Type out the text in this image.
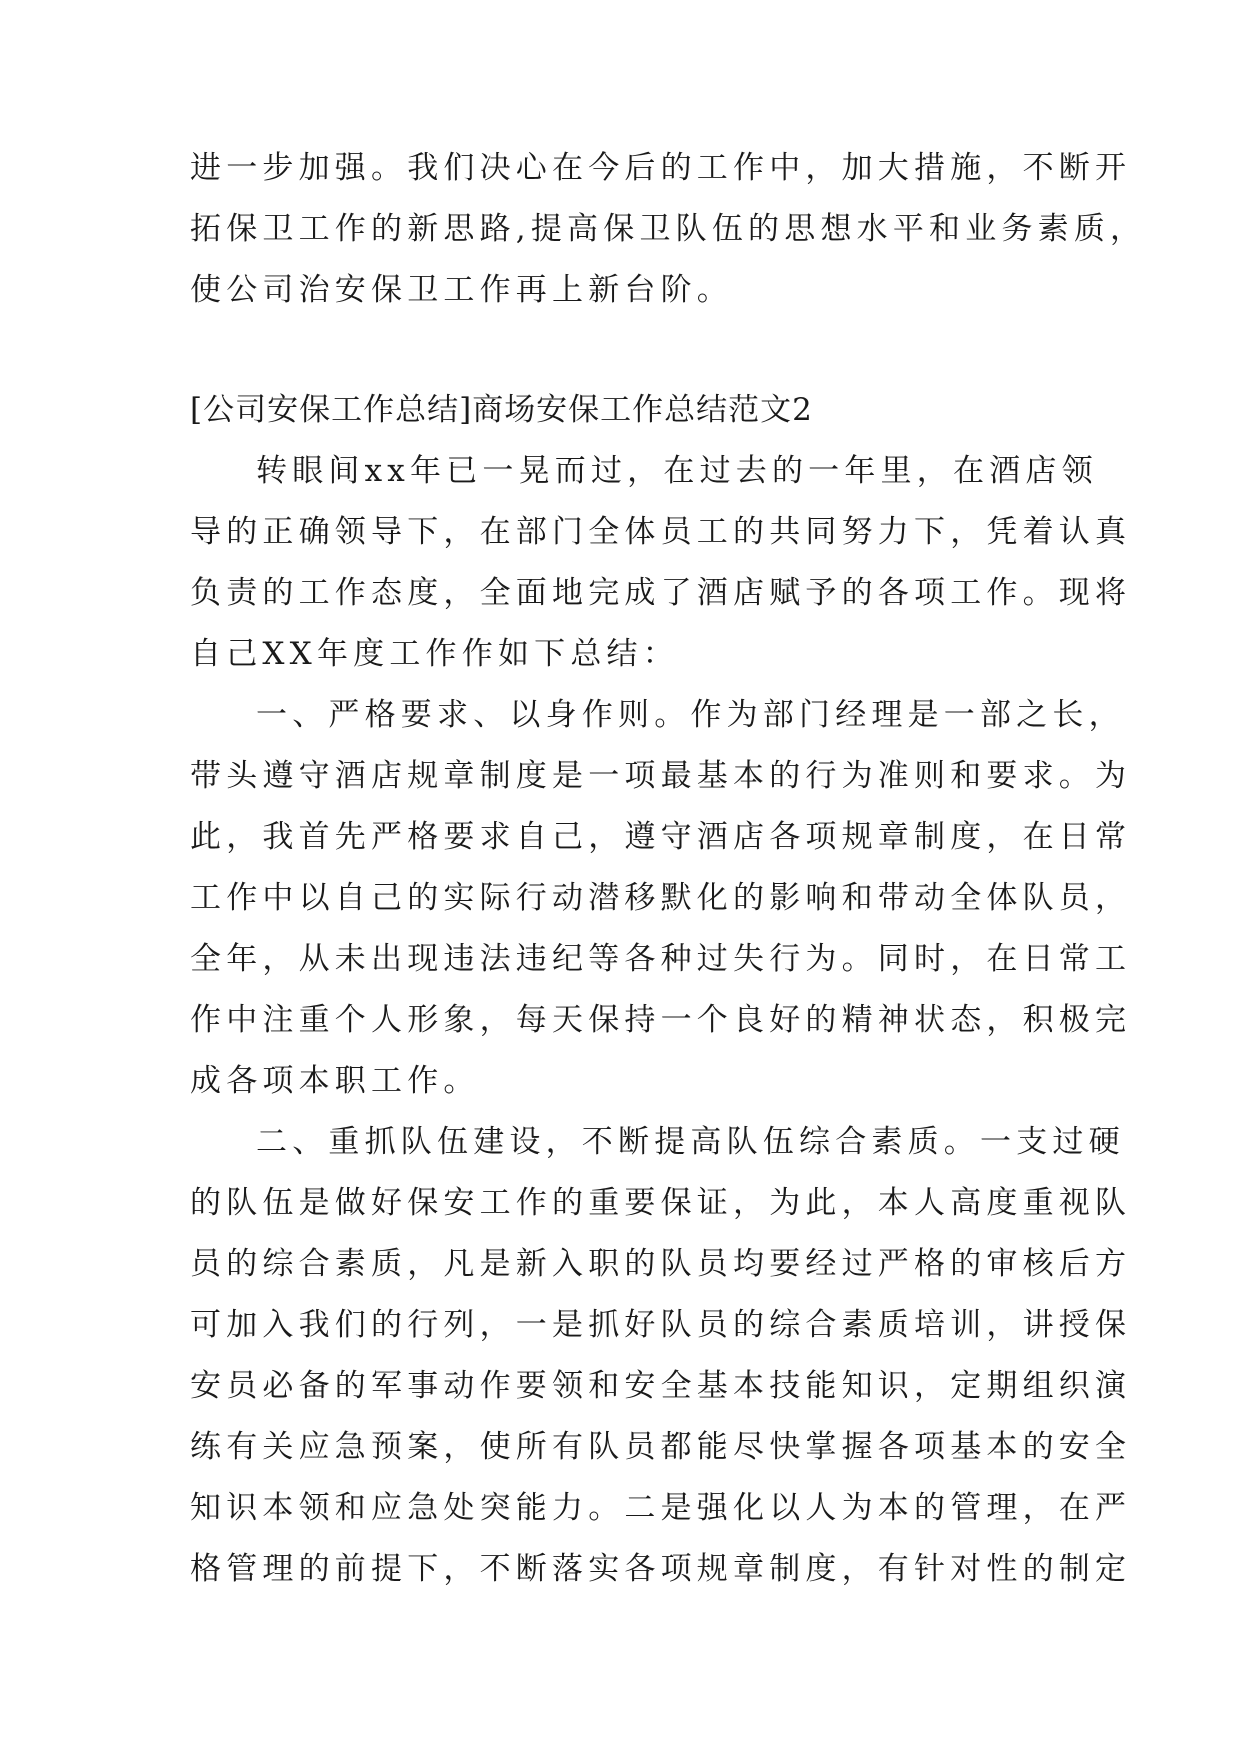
进一步加强。我们决心在今后的工作中，加大措施，不断开
拓保卫工作的新思路,提高保卫队伍的思想水平和业务素质，
使公司治安保卫工作再上新台阶。
[公司安保工作总结]商场安保工作总结范文2
转眼间xx年已一晃而过，在过去的一年里，在酒店领
导的正确领导下，在部门全体员工的共同努力下，凭着认真
负责的工作态度，全面地完成了酒店赋予的各项工作。现将
自己XX年度工作作如下总结：
一、严格要求、以身作则。作为部门经理是一部之长，
带头遵守酒店规章制度是一项最基本的行为准则和要求。为
此，我首先严格要求自己，遵守酒店各项规章制度，在日常
工作中以自己的实际行动潜移默化的影响和带动全体队员，
全年，从未出现违法违纪等各种过失行为。同时，在日常工
作中注重个人形象，每天保持一个良好的精神状态，积极完
成各项本职工作。
二、重抓队伍建设，不断提高队伍综合素质。一支过硬
的队伍是做好保安工作的重要保证，为此，本人高度重视队
员的综合素质，凡是新入职的队员均要经过严格的审核后方
可加入我们的行列，一是抓好队员的综合素质培训，讲授保
安员必备的军事动作要领和安全基本技能知识，定期组织演
练有关应急预案，使所有队员都能尽快掌握各项基本的安全
知识本领和应急处突能力。二是强化以人为本的管理，在严
格管理的前提下，不断落实各项规章制度，有针对性的制定
